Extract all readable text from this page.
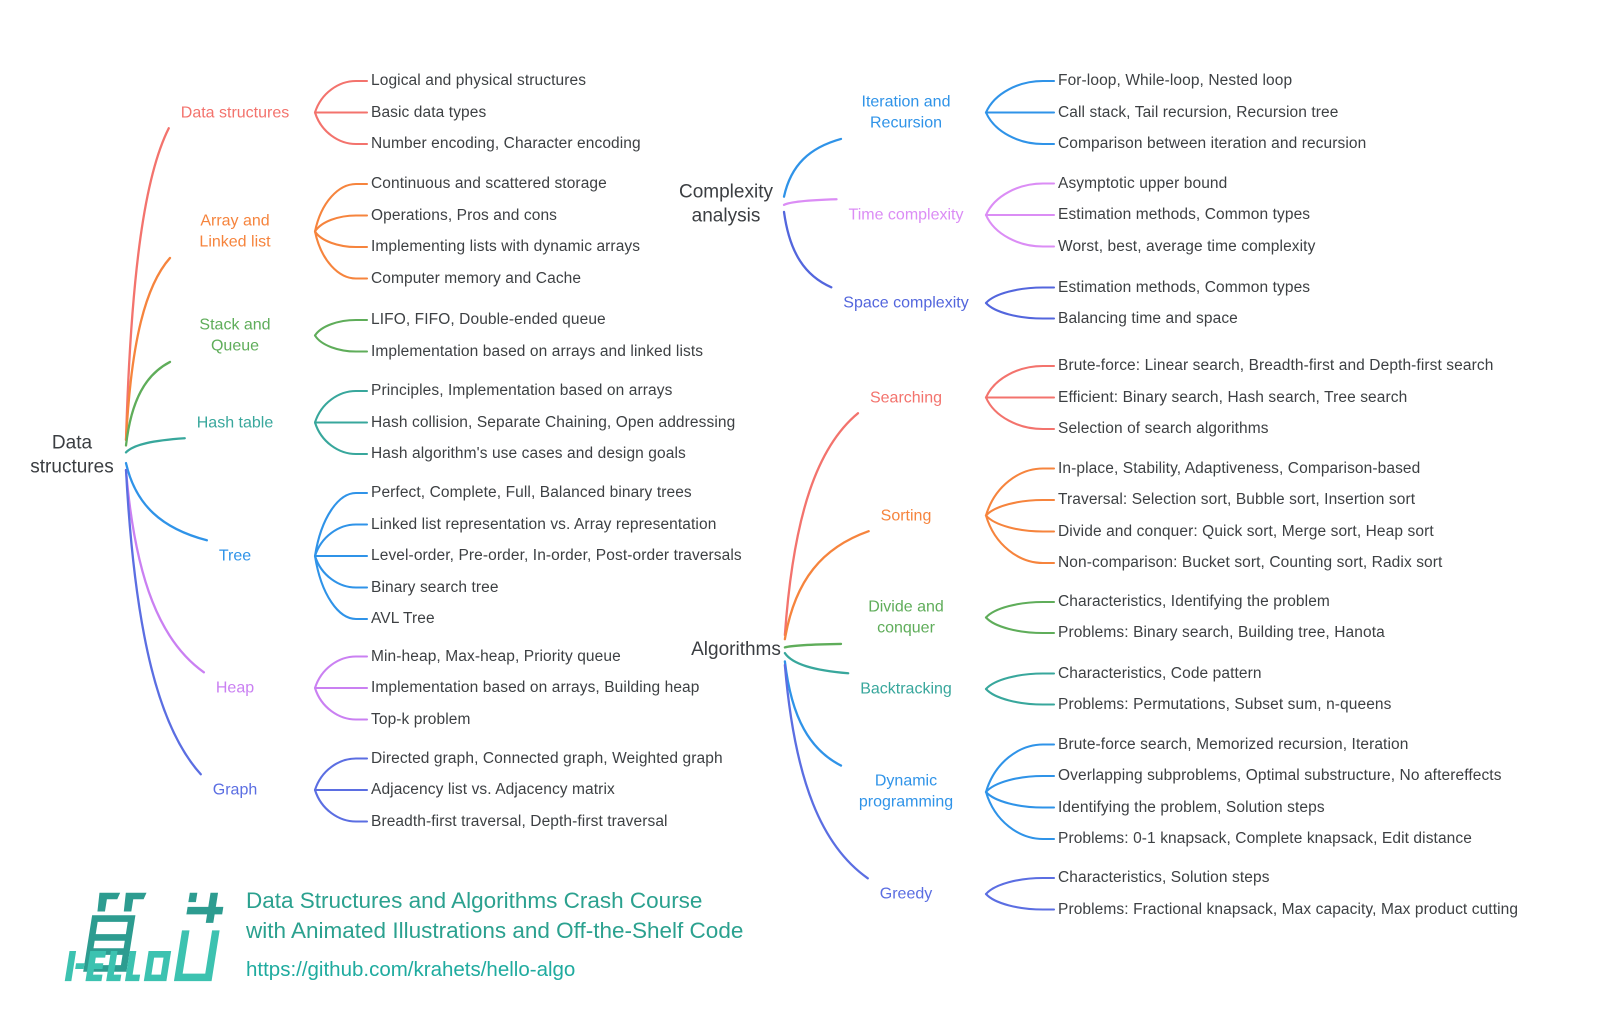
Data structures
Data structures
Logical and physical structures
Basic data types
Number encoding, Character encoding
Array and Linked list
Continuous and scattered storage
Operations, Pros and cons
Implementing lists with dynamic arrays
Computer memory and Cache
Stack and Queue
LIFO, FIFO, Double-ended queue
Implementation based on arrays and linked lists
Hash table
Principles, Implementation based on arrays
Hash collision, Separate Chaining, Open addressing
Hash algorithm's use cases and design goals
Tree
Perfect, Complete, Full, Balanced binary trees
Linked list representation vs. Array representation
Level-order, Pre-order, In-order, Post-order traversals
Binary search tree
AVL Tree
Heap
Min-heap, Max-heap, Priority queue
Implementation based on arrays, Building heap
Top-k problem
Graph
Directed graph, Connected graph, Weighted graph
Adjacency list vs. Adjacency matrix
Breadth-first traversal, Depth-first traversal
Complexity analysis
Iteration and Recursion
For-loop, While-loop, Nested loop
Call stack, Tail recursion, Recursion tree
Comparison between iteration and recursion
Time complexity
Asymptotic upper bound
Estimation methods, Common types
Worst, best, average time complexity
Space complexity
Estimation methods, Common types
Balancing time and space
Algorithms
Searching
Brute-force: Linear search, Breadth-first and Depth-first search
Efficient: Binary search, Hash search, Tree search
Selection of search algorithms
Sorting
In-place, Stability, Adaptiveness, Comparison-based
Traversal: Selection sort, Bubble sort, Insertion sort
Divide and conquer: Quick sort, Merge sort, Heap sort
Non-comparison: Bucket sort, Counting sort, Radix sort
Divide and conquer
Characteristics, Identifying the problem
Problems: Binary search, Building tree, Hanota
Backtracking
Characteristics, Code pattern
Problems: Permutations, Subset sum, n-queens
Dynamic programming
Brute-force search, Memorized recursion, Iteration
Overlapping subproblems, Optimal substructure, No aftereffects
Identifying the problem, Solution steps
Problems: 0-1 knapsack, Complete knapsack, Edit distance
Greedy
Characteristics, Solution steps
Problems: Fractional knapsack, Max capacity, Max product cutting
Data Structures and Algorithms Crash Course
with Animated Illustrations and Off-the-Shelf Code
https://github.com/krahets/hello-algo
